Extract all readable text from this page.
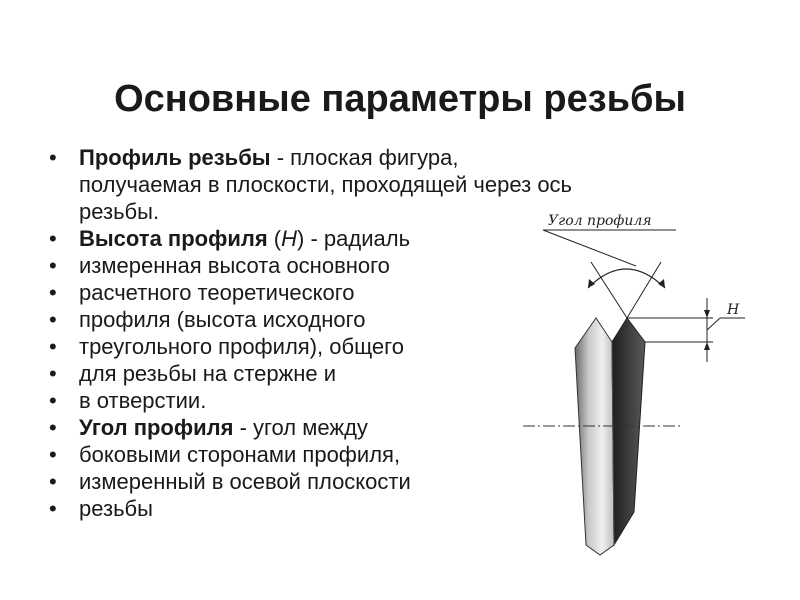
Основные параметры резьбы
• Профиль резьбы - плоская фигура,
получаемая в плоскости, проходящей через ось
резьбы.
• Высота профиля (H) - радиаль
• измеренная высота основного
• расчетного теоретического
• профиля (высота исходного
• треугольного профиля), общего
• для резьбы на стержне и
• в отверстии.
• Угол профиля - угол между
• боковыми сторонами профиля,
• измеренный в осевой плоскости
• резьбы
Угол профиля
H
